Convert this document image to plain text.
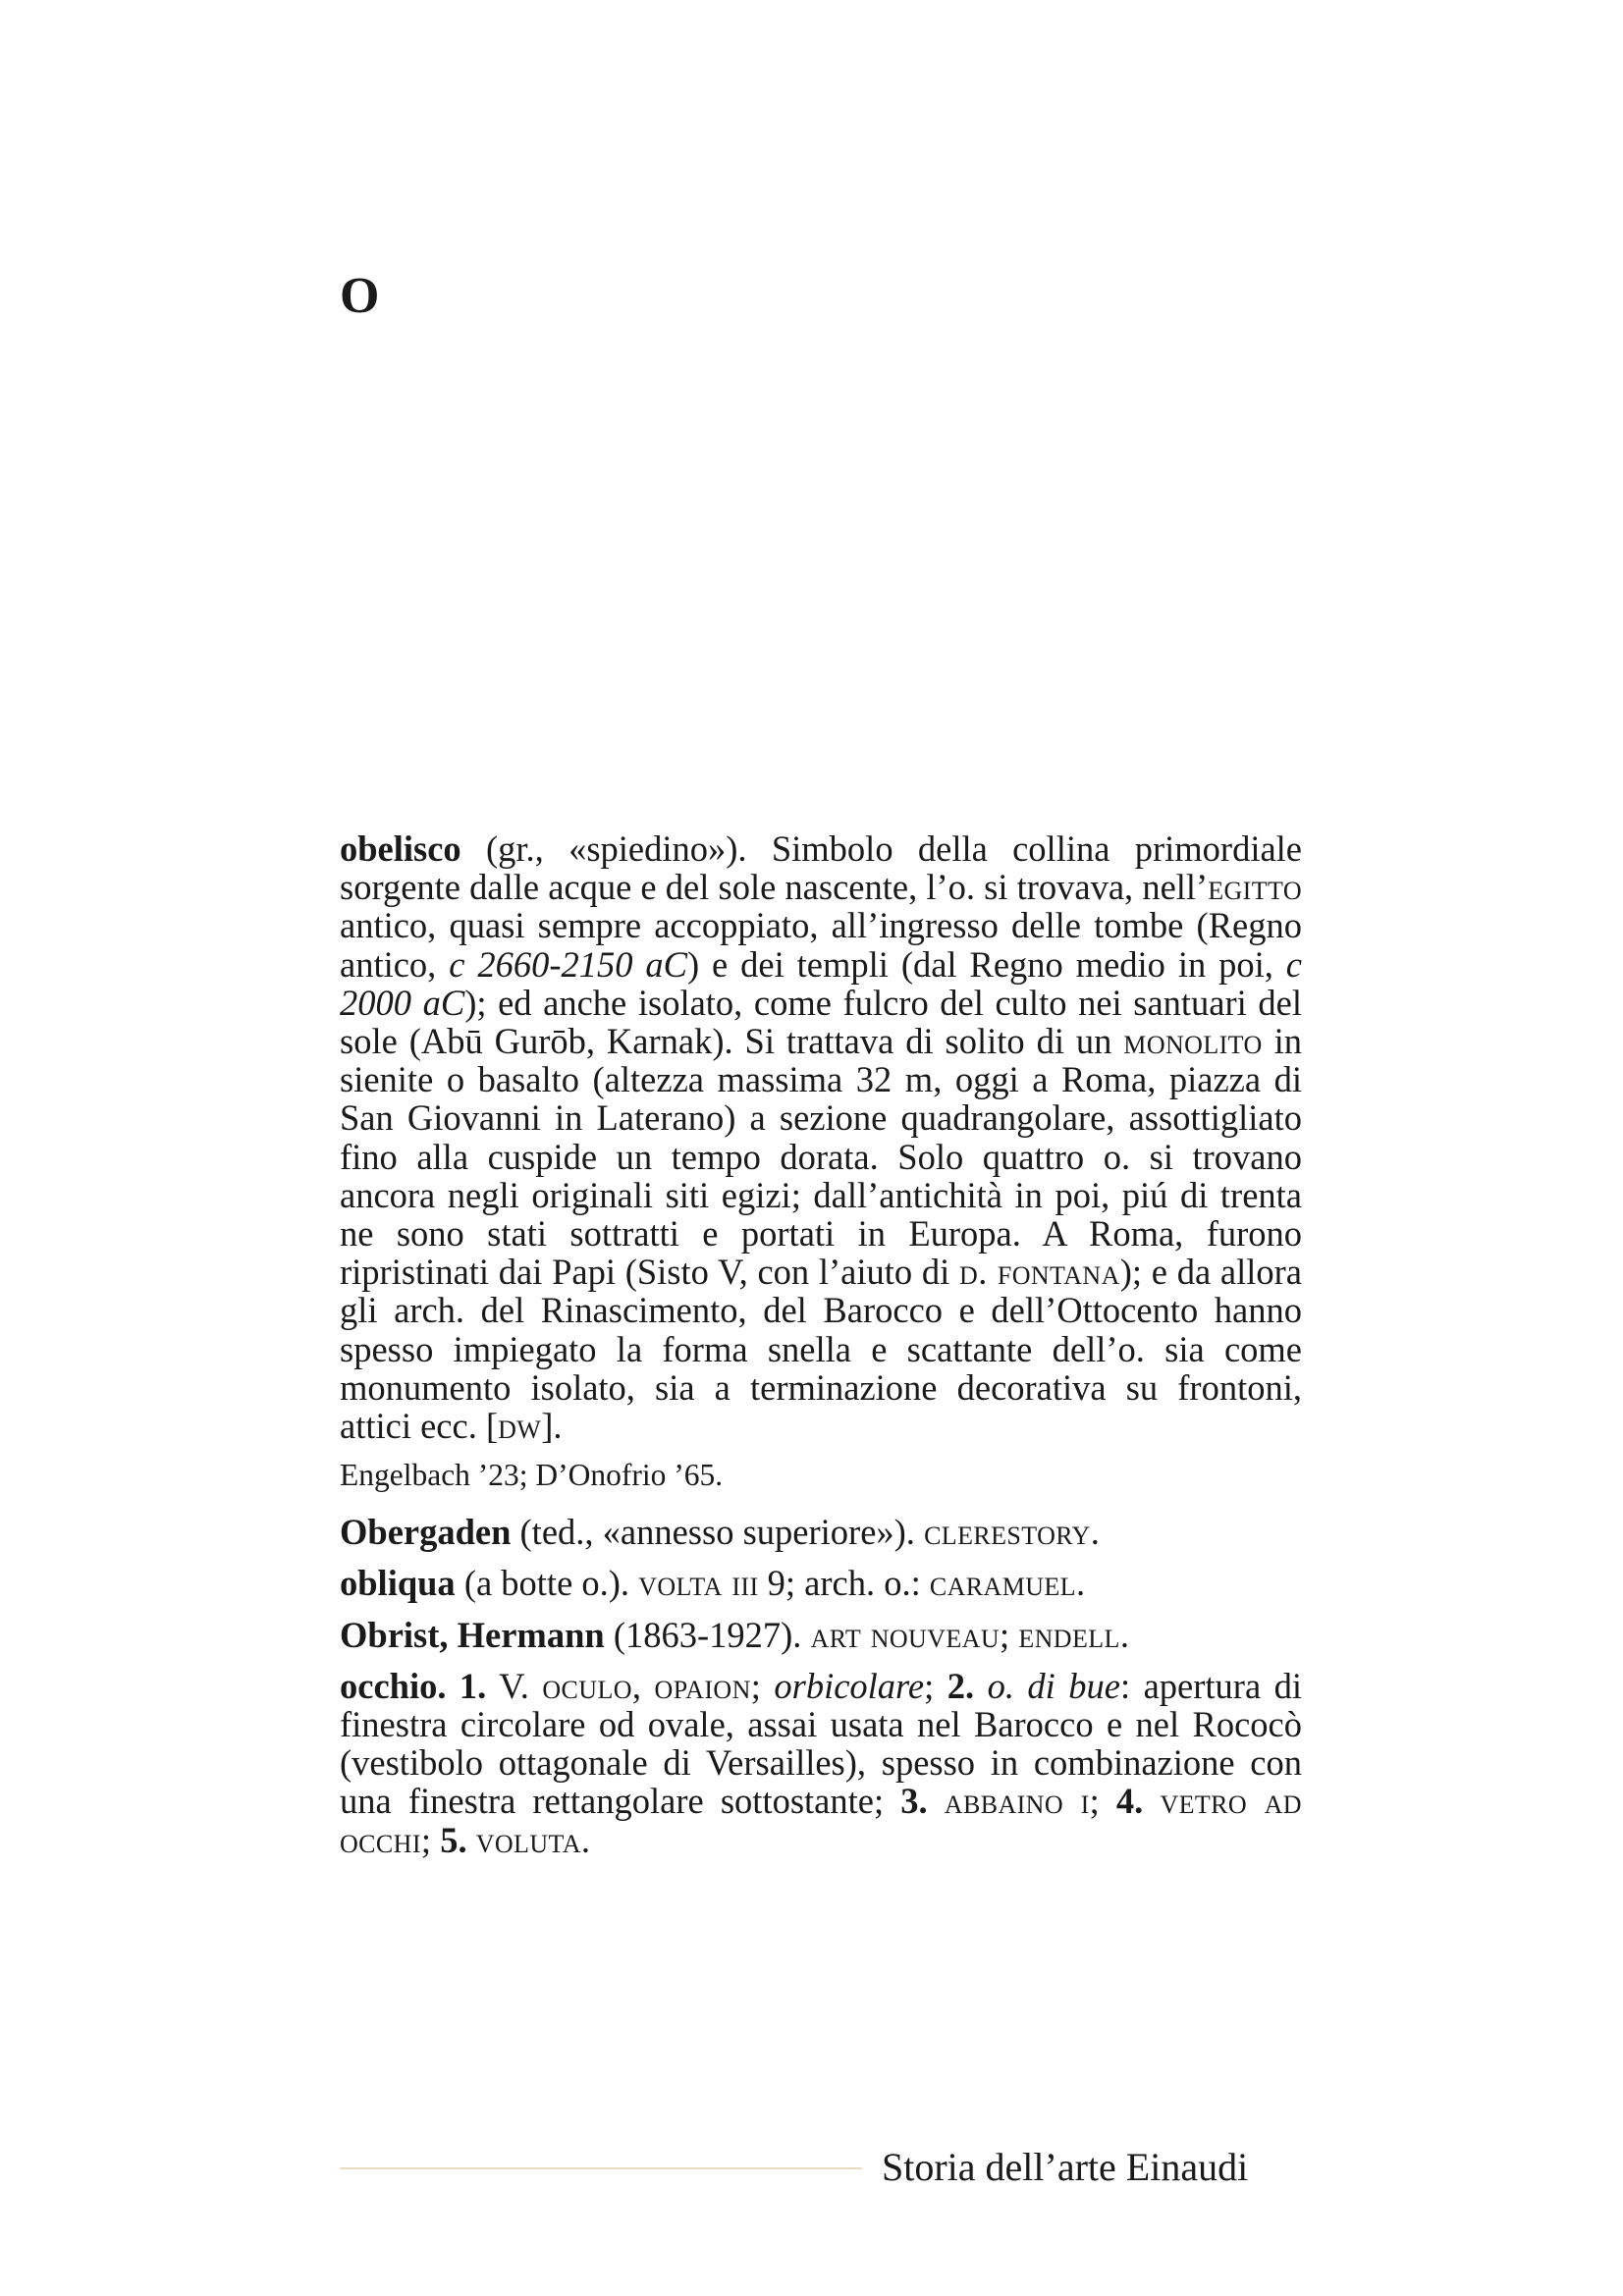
O

obelisco (gr., «spiedino»). Simbolo della collina primordiale sorgente dalle acque e del sole nascente, l’o. si trovava, nell’egitto antico, quasi sempre accoppiato, all’ingresso delle tombe (Regno antico, c 2660-2150 aC) e dei templi (dal Regno medio in poi, c 2000 aC); ed anche isolato, come fulcro del culto nei santuari del sole (Abū Gurōb, Karnak). Si trattava di solito di un monolito in sienite o basalto (altezza massima 32 m, oggi a Roma, piazza di San Giovanni in Laterano) a sezione quadrangolare, assottigliato fino alla cuspide un tempo dorata. Solo quattro o. si trovano ancora negli originali siti egizi; dall’antichità in poi, piú di trenta ne sono stati sottratti e portati in Europa. A Roma, furono ripristinati dai Papi (Sisto V, con l’aiuto di d. fontana); e da allora gli arch. del Rinascimento, del Barocco e dell’Ottocento hanno spesso impiegato la forma snella e scattante dell’o. sia come monumento isolato, sia a terminazione decorativa su frontoni, attici ecc. [dw].

Engelbach ’23; D’Onofrio ’65.

Obergaden (ted., «annesso superiore»). clerestory.

obliqua (a botte o.). volta iii 9; arch. o.: caramuel.

Obrist, Hermann (1863-1927). art nouveau; endell.

occhio. 1. V. oculo, opaion; orbicolare; 2. o. di bue: apertura di finestra circolare od ovale, assai usata nel Barocco e nel Rococò (vestibolo ottagonale di Versailles), spesso in combinazione con una finestra rettangolare sottostante; 3. abbaino i; 4. vetro ad occhi; 5. voluta.

Storia dell’arte Einaudi
